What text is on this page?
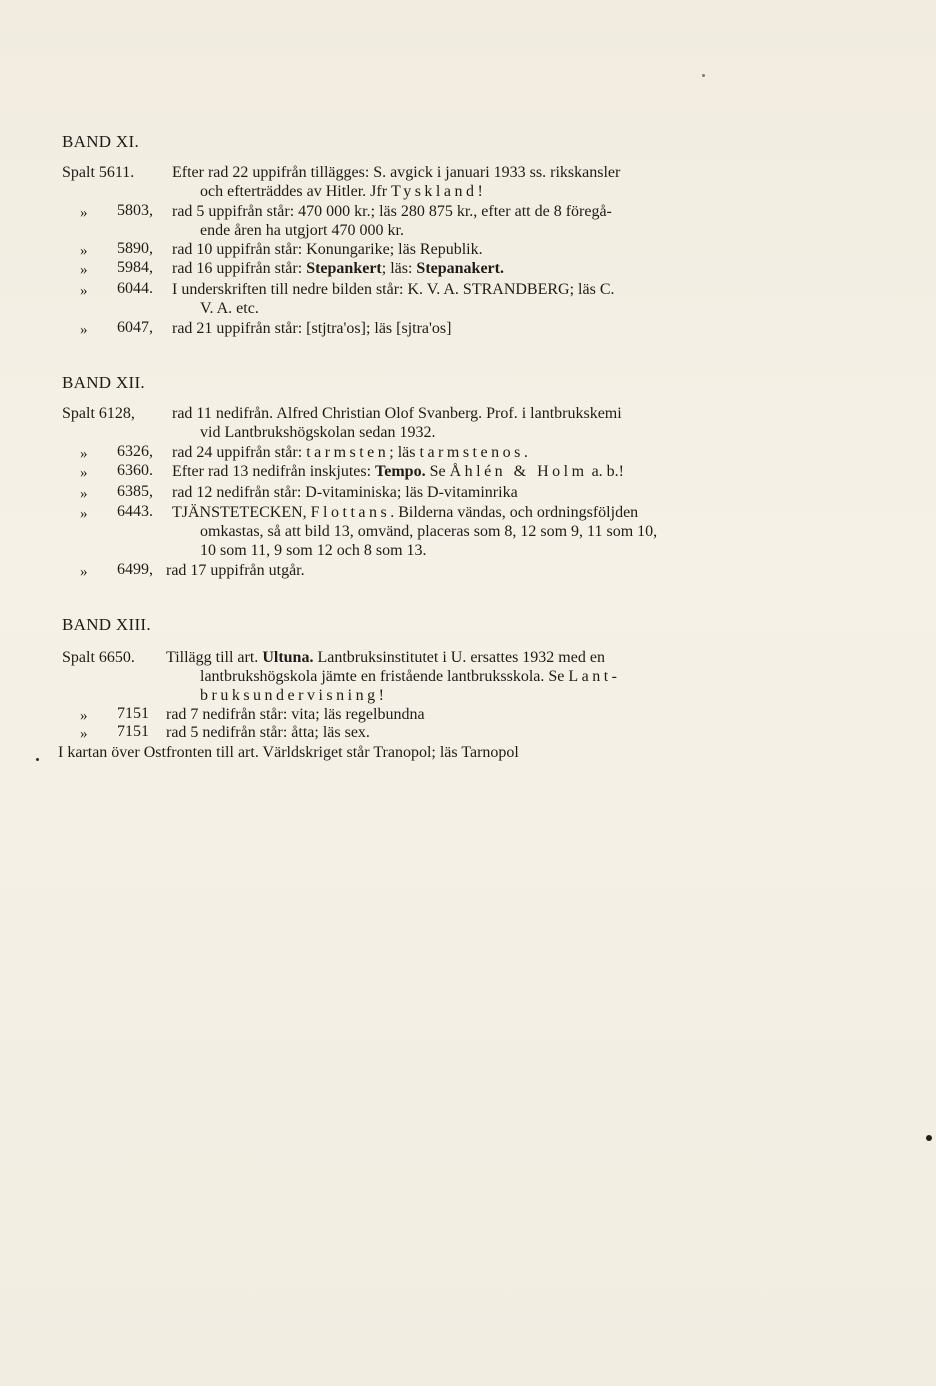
BAND XI.
Spalt 5611. Efter rad 22 uppifrån tillägges: S. avgick i januari 1933 ss. rikskansler
och efterträddes av Hitler. Jfr Tyskland!
» 5803, rad 5 uppifrån står: 470 000 kr.; läs 280 875 kr., efter att de 8 föregå-
ende åren ha utgjort 470 000 kr.
» 5890, rad 10 uppifrån står: Konungarike; läs Republik.
» 5984, rad 16 uppifrån står: Stepankert; läs: Stepanakert.
» 6044. I underskriften till nedre bilden står: K. V. A. STRANDBERG; läs C.
V. A. etc.
» 6047, rad 21 uppifrån står: [stjtra'os]; läs [sjtra'os]
BAND XII.
Spalt 6128, rad 11 nedifrån. Alfred Christian Olof Svanberg. Prof. i lantbrukskemi
vid Lantbrukshögskolan sedan 1932.
» 6326, rad 24 uppifrån står: tarmsten; läs tarmstenos.
» 6360. Efter rad 13 nedifrån inskjutes: Tempo. Se Åhlén & Holm a. b.!
» 6385, rad 12 nedifrån står: D-vitaminiska; läs D-vitaminrika
» 6443. TJÄNSTETECKEN, Flottans. Bilderna vändas, och ordningsföljden
omkastas, så att bild 13, omvänd, placeras som 8, 12 som 9, 11 som 10,
10 som 11, 9 som 12 och 8 som 13.
» 6499, rad 17 uppifrån utgår.
BAND XIII.
Spalt 6650. Tillägg till art. Ultuna. Lantbruksinstitutet i U. ersattes 1932 med en
lantbrukshögskola jämte en fristående lantbruksskola. Se Lant-
bruksundervisning!
» 7151 rad 7 nedifrån står: vita; läs regelbundna
» 7151 rad 5 nedifrån står: åtta; läs sex.
I kartan över Ostfronten till art. Världskriget står Tranopol; läs Tarnopol
